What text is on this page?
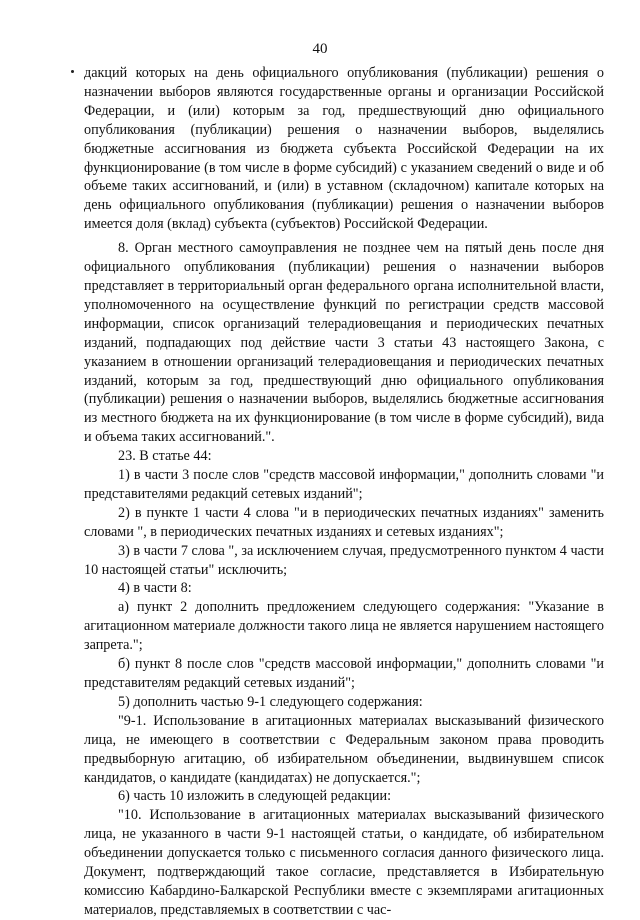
40

дакций которых на день официального опубликования (публикации) решения о назначении выборов являются государственные органы и организации Российской Федерации, и (или) которым за год, предшествующий дню официального опубликования (публикации) решения о назначении выборов, выделялись бюджетные ассигнования из бюджета субъекта Российской Федерации на их функционирование (в том числе в форме субсидий) с указанием сведений о виде и об объеме таких ассигнований, и (или) в уставном (складочном) капитале которых на день официального опубликования (публикации) решения о назначении выборов имеется доля (вклад) субъекта (субъектов) Российской Федерации.

8. Орган местного самоуправления не позднее чем на пятый день после дня официального опубликования (публикации) решения о назначении выборов представляет в территориальный орган федерального органа исполнительной власти, уполномоченного на осуществление функций по регистрации средств массовой информации, список организаций телерадиовещания и периодических печатных изданий, подпадающих под действие части 3 статьи 43 настоящего Закона, с указанием в отношении организаций телерадиовещания и периодических печатных изданий, которым за год, предшествующий дню официального опубликования (публикации) решения о назначении выборов, выделялись бюджетные ассигнования из местного бюджета на их функционирование (в том числе в форме субсидий), вида и объема таких ассигнований.".

23. В статье 44:

1) в части 3 после слов "средств массовой информации," дополнить словами "и представителями редакций сетевых изданий";

2) в пункте 1 части 4 слова "и в периодических печатных изданиях" заменить словами ", в периодических печатных изданиях и сетевых изданиях";

3) в части 7 слова ", за исключением случая, предусмотренного пунктом 4 части 10 настоящей статьи" исключить;

4) в части 8:

а) пункт 2 дополнить предложением следующего содержания: "Указание в агитационном материале должности такого лица не является нарушением настоящего запрета.";

б) пункт 8 после слов "средств массовой информации," дополнить словами "и представителям редакций сетевых изданий";

5) дополнить частью 9-1 следующего содержания:

"9-1. Использование в агитационных материалах высказываний физического лица, не имеющего в соответствии с Федеральным законом права проводить предвыборную агитацию, об избирательном объединении, выдвинувшем список кандидатов, о кандидате (кандидатах) не допускается.";

6) часть 10 изложить в следующей редакции:

"10. Использование в агитационных материалах высказываний физического лица, не указанного в части 9-1 настоящей статьи, о кандидате, об избирательном объединении допускается только с письменного согласия данного физического лица. Документ, подтверждающий такое согласие, представляется в Избирательную комиссию Кабардино-Балкарской Республики вместе с экземплярами агитационных материалов, представляемых в соответствии с час-
